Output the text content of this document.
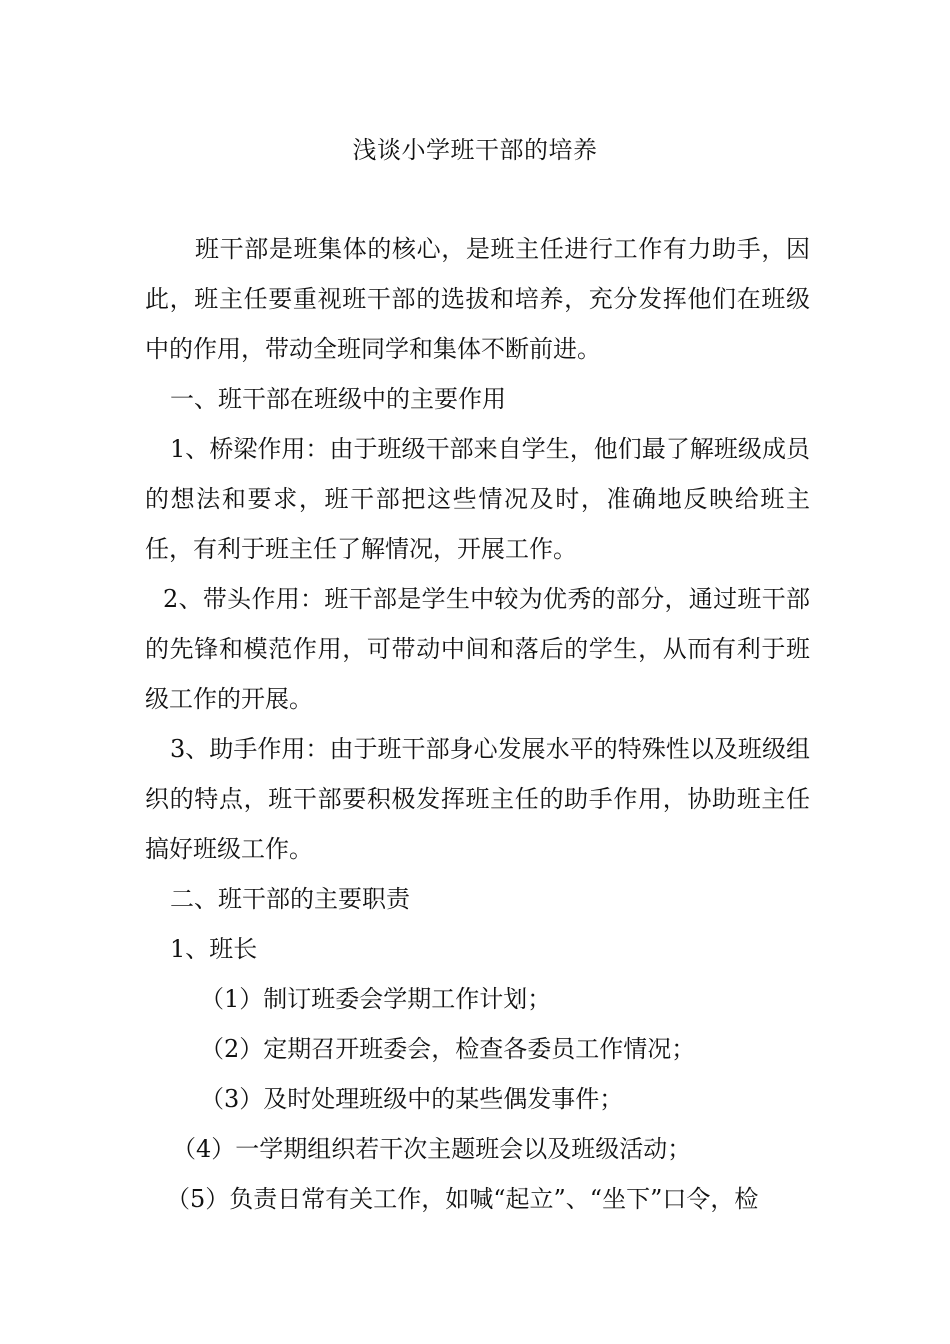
浅谈小学班干部的培养
班干部是班集体的核心，是班主任进行工作有力助手，因此，班主任要重视班干部的选拔和培养，充分发挥他们在班级中的作用，带动全班同学和集体不断前进。
一、班干部在班级中的主要作用
1、桥梁作用：由于班级干部来自学生，他们最了解班级成员的想法和要求，班干部把这些情况及时，准确地反映给班主任，有利于班主任了解情况，开展工作。
2、带头作用：班干部是学生中较为优秀的部分，通过班干部的先锋和模范作用，可带动中间和落后的学生，从而有利于班级工作的开展。
3、助手作用：由于班干部身心发展水平的特殊性以及班级组织的特点，班干部要积极发挥班主任的助手作用，协助班主任搞好班级工作。
二、班干部的主要职责
1、班长
（1）制订班委会学期工作计划；
（2）定期召开班委会，检查各委员工作情况；
（3）及时处理班级中的某些偶发事件；
（4）一学期组织若干次主题班会以及班级活动；
（5）负责日常有关工作，如喊“起立”、“坐下”口令，检
